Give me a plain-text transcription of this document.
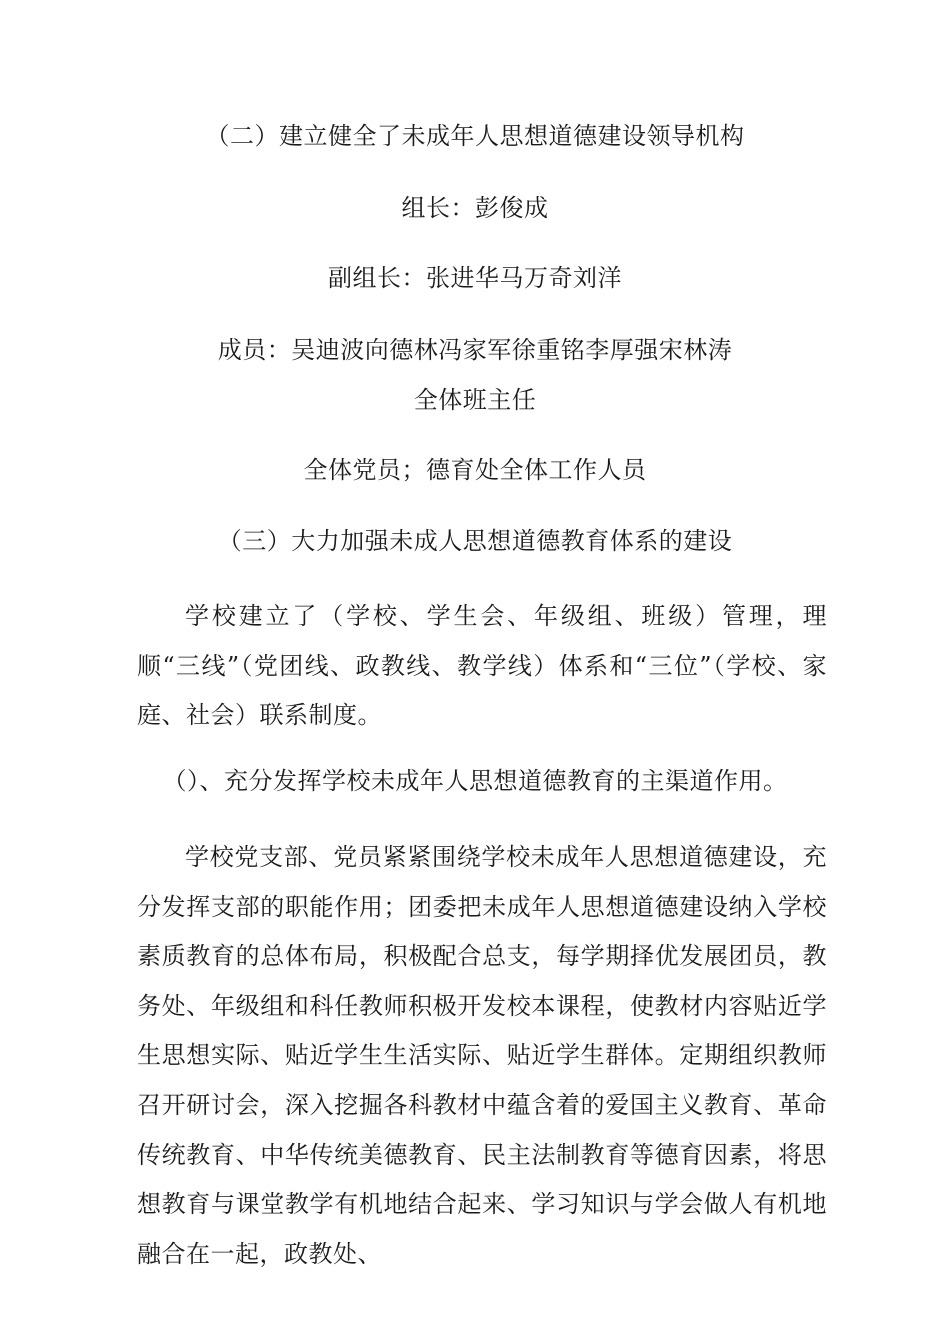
（二）建立健全了未成年人思想道德建设领导机构
组长：彭俊成
副组长：张进华马万奇刘洋
成员：吴迪波向德林冯家军徐重铭李厚强宋林涛
全体班主任
全体党员；德育处全体工作人员
（三）大力加强未成人思想道德教育体系的建设
学校建立了（学校、学生会、年级组、班级）管理，理顺“三线”（党团线、政教线、教学线）体系和“三位”（学校、家庭、社会）联系制度。
（）、充分发挥学校未成年人思想道德教育的主渠道作用。
学校党支部、党员紧紧围绕学校未成年人思想道德建设，充分发挥支部的职能作用；团委把未成年人思想道德建设纳入学校素质教育的总体布局，积极配合总支，每学期择优发展团员，教务处、年级组和科任教师积极开发校本课程，使教材内容贴近学生思想实际、贴近学生生活实际、贴近学生群体。定期组织教师召开研讨会，深入挖掘各科教材中蕴含着的爱国主义教育、革命传统教育、中华传统美德教育、民主法制教育等德育因素，将思想教育与课堂教学有机地结合起来、学习知识与学会做人有机地融合在一起，政教处、
